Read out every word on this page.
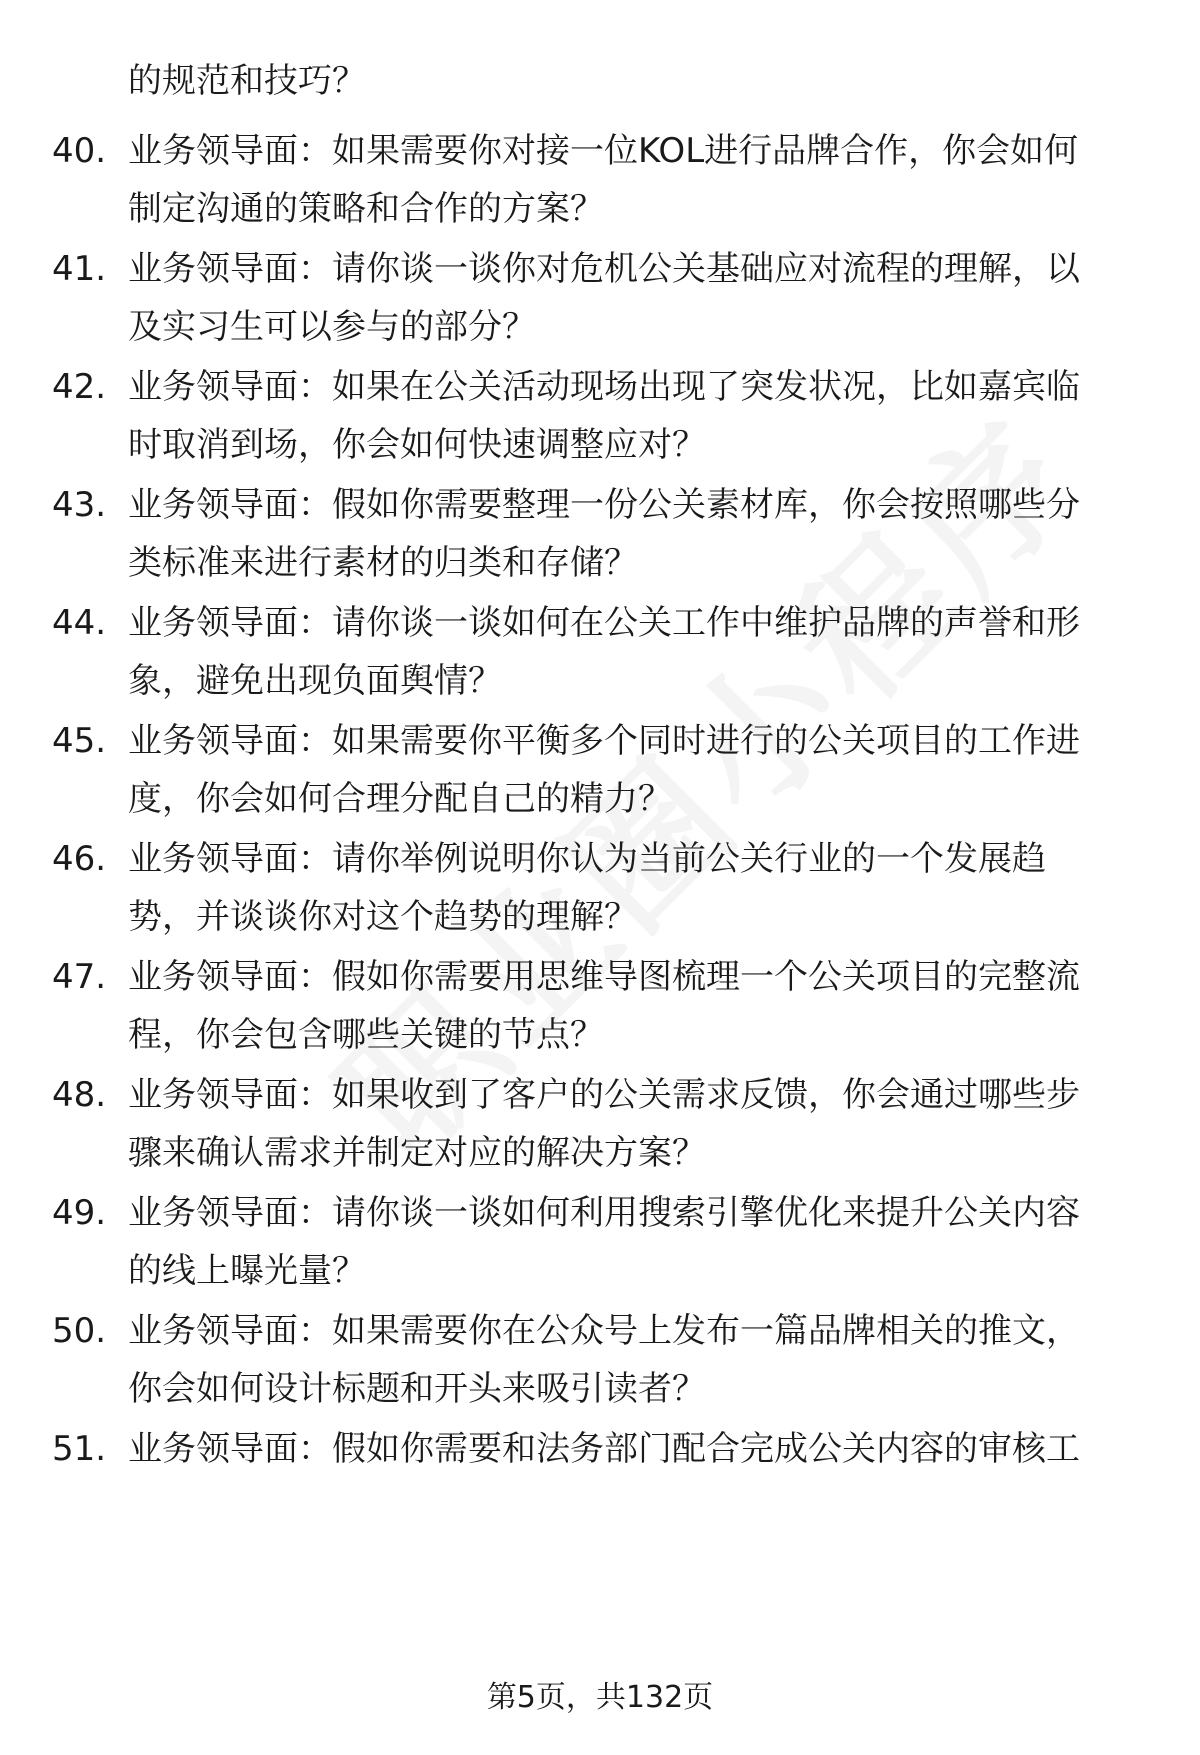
的规范和技巧？
40. 业务领导面：如果需要你对接一位KOL进行品牌合作，你会如何
制定沟通的策略和合作的方案？
41. 业务领导面：请你谈一谈你对危机公关基础应对流程的理解，以
及实习生可以参与的部分？
42. 业务领导面：如果在公关活动现场出现了突发状况，比如嘉宾临
时取消到场，你会如何快速调整应对？
43. 业务领导面：假如你需要整理一份公关素材库，你会按照哪些分
类标准来进行素材的归类和存储？
44. 业务领导面：请你谈一谈如何在公关工作中维护品牌的声誉和形
象，避免出现负面舆情？
45. 业务领导面：如果需要你平衡多个同时进行的公关项目的工作进
度，你会如何合理分配自己的精力？
46. 业务领导面：请你举例说明你认为当前公关行业的一个发展趋
势，并谈谈你对这个趋势的理解？
47. 业务领导面：假如你需要用思维导图梳理一个公关项目的完整流
程，你会包含哪些关键的节点？
48. 业务领导面：如果收到了客户的公关需求反馈，你会通过哪些步
骤来确认需求并制定对应的解决方案？
49. 业务领导面：请你谈一谈如何利用搜索引擎优化来提升公关内容
的线上曝光量？
50. 业务领导面：如果需要你在公众号上发布一篇品牌相关的推文，
你会如何设计标题和开头来吸引读者？
51. 业务领导面：假如你需要和法务部门配合完成公关内容的审核工
第5页，共132页
